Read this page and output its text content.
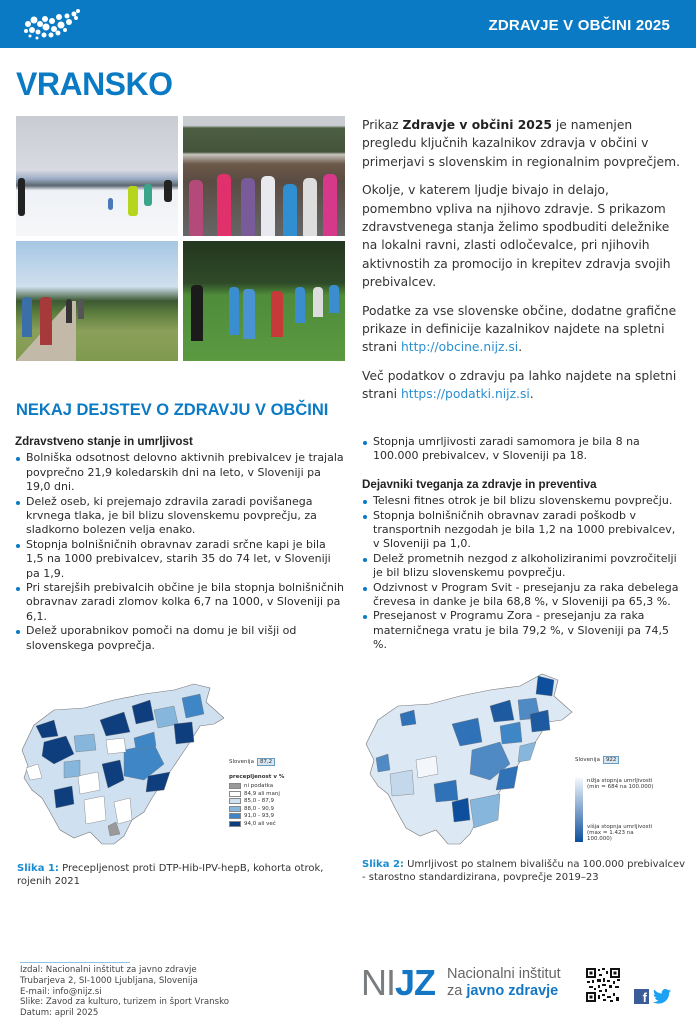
ZDRAVJE V OBČINI 2025
VRANSKO

Prikaz Zdravje v občini 2025 je namenjen pregledu ključnih kazalnikov zdravja v občini v primerjavi s slovenskim in regionalnim povprečjem.

Okolje, v katerem ljudje bivajo in delajo, pomembno vpliva na njihovo zdravje. S prikazom zdravstvenega stanja želimo spodbuditi deležnike na lokalni ravni, zlasti odločevalce, pri njihovih aktivnostih za promocijo in krepitev zdravja svojih prebivalcev.

Podatke za vse slovenske občine, dodatne grafične prikaze in definicije kazalnikov najdete na spletni strani http://obcine.nijz.si.

Več podatkov o zdravju pa lahko najdete na spletni strani https://podatki.nijz.si.

NEKAJ DEJSTEV O ZDRAVJU V OBČINI
Zdravstveno stanje in umrljivost
Bolniška odsotnost delovno aktivnih prebivalcev je trajala povprečno 21,9 koledarskih dni na leto, v Sloveniji pa 19,0 dni.
Delež oseb, ki prejemajo zdravila zaradi povišanega krvnega tlaka, je bil blizu slovenskemu povprečju, za sladkorno bolezen velja enako.
Stopnja bolnišničnih obravnav zaradi srčne kapi je bila 1,5 na 1000 prebivalcev, starih 35 do 74 let, v Sloveniji pa 1,9.
Pri starejših prebivalcih občine je bila stopnja bolnišničnih obravnav zaradi zlomov kolka 6,7 na 1000, v Sloveniji pa 6,1.
Delež uporabnikov pomoči na domu je bil višji od slovenskega povprečja.
Stopnja umrljivosti zaradi samomora je bila 8 na 100.000 prebivalcev, v Sloveniji pa 18.
Dejavniki tveganja za zdravje in preventiva
Telesni fitnes otrok je bil blizu slovenskemu povprečju.
Stopnja bolnišničnih obravnav zaradi poškodb v transportnih nezgodah je bila 1,2 na 1000 prebivalcev, v Sloveniji pa 1,0.
Delež prometnih nezgod z alkoholiziranimi povzročitelji je bil blizu slovenskemu povprečju.
Odzivnost v Program Svit - presejanju za raka debelega črevesa in danke je bila 68,8 %, v Sloveniji pa 65,3 %.
Presejanost v Programu Zora - presejanju za raka materničnega vratu je bila 79,2 %, v Sloveniji pa 74,5 %.
Slovenija	87,2
precepljenost v %
ni podatka
84,9 ali manj
85,0 - 87,9
88,0 - 90,9
91,0 - 93,9
94,0 ali več
Slovenija	922
nižja stopnja umrljivosti (min = 684 na 100.000)
višja stopnja umrljivosti (max = 1.423 na 100.000)
Slika 1: Precepljenost proti DTP-Hib-IPV-hepB, kohorta otrok, rojenih 2021
Slika 2: Umrljivost po stalnem bivališču na 100.000 prebivalcev - starostno standardizirana, povprečje 2019–23
Izdal: Nacionalni inštitut za javno zdravje
Trubarjeva 2, SI-1000 Ljubljana, Slovenija
E-mail: info@nijz.si
Slike: Zavod za kulturo, turizem in šport Vransko
Datum: april 2025
NIJZ Nacionalni inštitut
za javno zdravje	f
